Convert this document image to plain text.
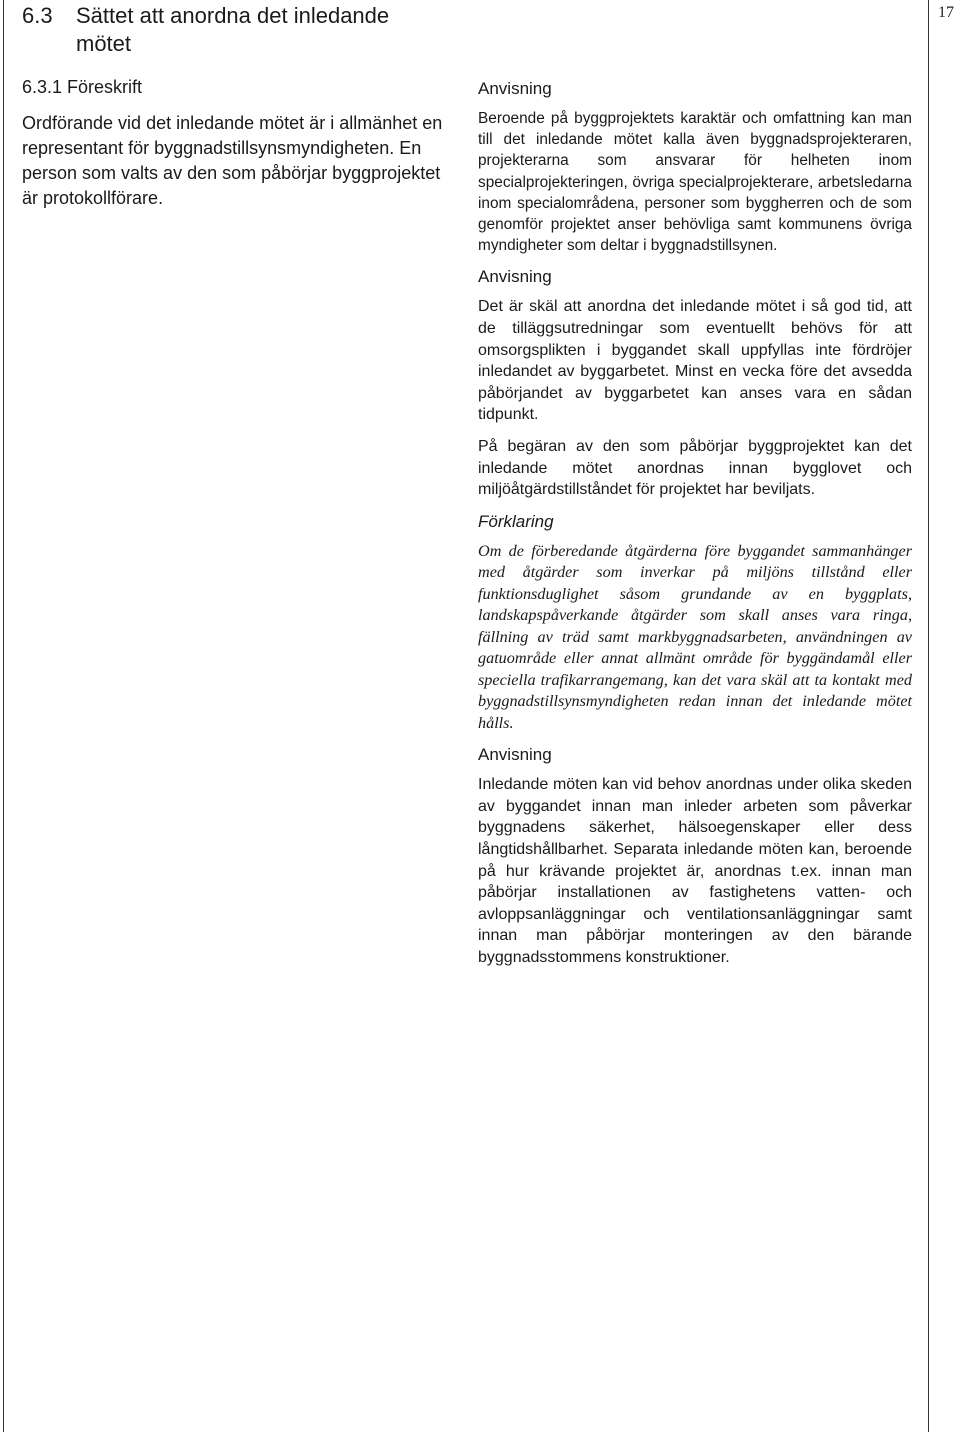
17
6.3 Sättet att anordna det inledande
mötet
6.3.1 Föreskrift
Ordförande vid det inledande mötet är i allmänhet en representant för byggnadstillsynsmyndigheten. En person som valts av den som påbörjar byggprojektet är protokollförare.
Anvisning

Beroende på byggprojektets karaktär och omfattning kan man till det inledande mötet kalla även byggnadsprojekteraren, projekterarna som ansvarar för helheten inom specialprojekteringen, övriga specialprojekterare, arbetsledarna inom specialområdena, personer som byggherren och de som genomför projektet anser behövliga samt kommunens övriga myndigheter som deltar i byggnadstillsynen.

Anvisning

Det är skäl att anordna det inledande mötet i så god tid, att de tilläggsutredningar som eventuellt behövs för att omsorgsplikten i byggandet skall uppfyllas inte fördröjer inledandet av byggarbetet. Minst en vecka före det avsedda påbörjandet av byggarbetet kan anses vara en sådan tidpunkt.

På begäran av den som påbörjar byggprojektet kan det inledande mötet anordnas innan bygglovet och miljöåtgärdstillståndet för projektet har beviljats.

Förklaring

Om de förberedande åtgärderna före byggandet sammanhänger med åtgärder som inverkar på miljöns tillstånd eller funktionsduglighet såsom grundande av en byggplats, landskapspåverkande åtgärder som skall anses vara ringa, fällning av träd samt markbyggnadsarbeten, användningen av gatuområde eller annat allmänt område för byggändamål eller speciella trafikarrangemang, kan det vara skäl att ta kontakt med byggnadstillsynsmyndigheten redan innan det inledande mötet hålls.

Anvisning

Inledande möten kan vid behov anordnas under olika skeden av byggandet innan man inleder arbeten som påverkar byggnadens säkerhet, hälsoegenskaper eller dess långtidshållbarhet. Separata inledande möten kan, beroende på hur krävande projektet är, anordnas t.ex. innan man påbörjar installationen av fastighetens vatten- och avloppsanläggningar och ventilationsanläggningar samt innan man påbörjar monteringen av den bärande byggnadsstommens konstruktioner.
